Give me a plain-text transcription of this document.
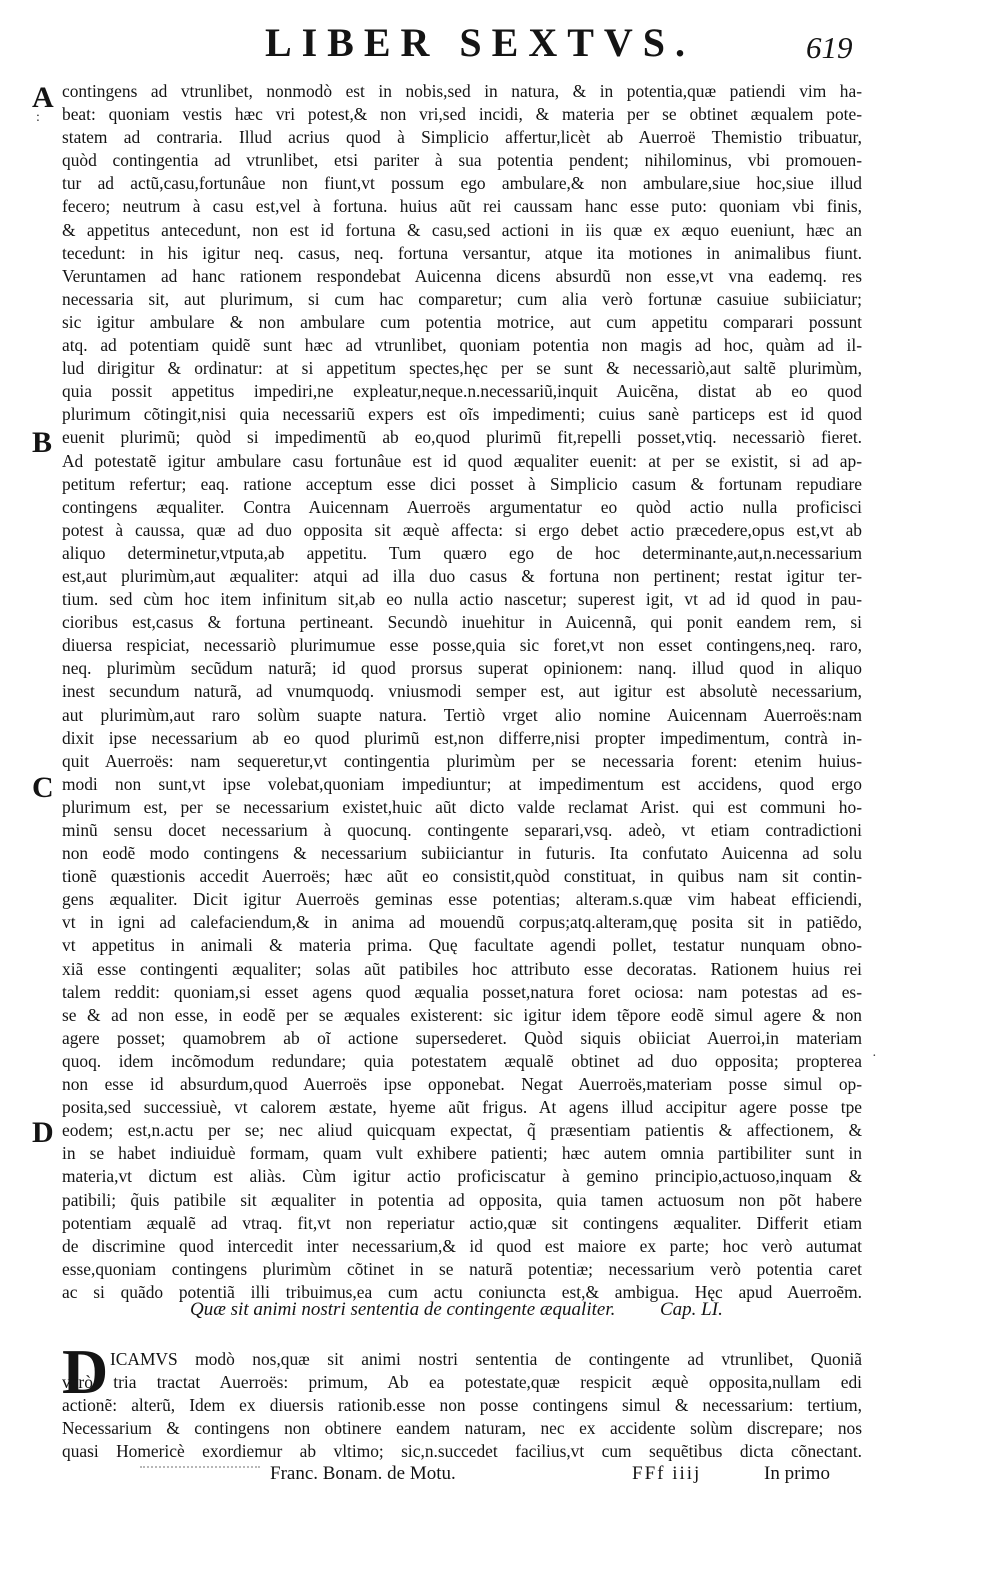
LIBER SEXTVS.	619
A
B
C
D
:
·
contingens ad vtrunlibet, nonmodò est in nobis,sed in natura, & in potentia,quæ patiendi vim ha-
beat: quoniam vestis hæc vri potest,& non vri,sed incidi, & materia per se obtinet æqualem pote-
statem ad contraria. Illud acrius quod à Simplicio affertur,licèt ab Auerroë Themistio tribuatur,
quòd contingentia ad vtrunlibet, etsi pariter à sua potentia pendent; nihilominus, vbi promouen-
tur ad actũ,casu,fortunâue non fiunt,vt possum ego ambulare,& non ambulare,siue hoc,siue illud
fecero; neutrum à casu est,vel à fortuna. huius aũt rei caussam hanc esse puto: quoniam vbi finis,
& appetitus antecedunt, non est id fortuna & casu,sed actioni in iis quæ ex æquo eueniunt, hæc an
tecedunt: in his igitur neq. casus, neq. fortuna versantur, atque ita motiones in animalibus fiunt.
Veruntamen ad hanc rationem respondebat Auicenna dicens absurdũ non esse,vt vna eademq. res
necessaria sit, aut plurimum, si cum hac comparetur; cum alia verò fortunæ casuiue subiiciatur;
sic igitur ambulare & non ambulare cum potentia motrice, aut cum appetitu comparari possunt
atq. ad potentiam quidẽ sunt hæc ad vtrunlibet, quoniam potentia non magis ad hoc, quàm ad il-
lud dirigitur & ordinatur: at si appetitum spectes,hęc per se sunt & necessariò,aut saltẽ plurimùm,
quia possit appetitus impediri,ne expleatur,neque.n.necessariũ,inquit Auicẽna, distat ab eo quod
plurimum cõtingit,nisi quia necessariũ expers est oĩs impedimenti; cuius sanè particeps est id quod
euenit plurimũ; quòd si impedimentũ ab eo,quod plurimũ fit,repelli posset,vtiq. necessariò fieret.
Ad potestatẽ igitur ambulare casu fortunâue est id quod æqualiter euenit: at per se existit, si ad ap-
petitum refertur; eaq. ratione acceptum esse dici posset à Simplicio casum & fortunam repudiare
contingens æqualiter. Contra Auicennam Auerroës argumentatur eo quòd actio nulla proficisci
potest à caussa, quæ ad duo opposita sit æquè affecta: si ergo debet actio præcedere,opus est,vt ab
aliquo determinetur,vtputa,ab appetitu. Tum quæro ego de hoc determinante,aut,n.necessarium
est,aut plurimùm,aut æqualiter: atqui ad illa duo casus & fortuna non pertinent; restat igitur ter-
tium. sed cùm hoc item infinitum sit,ab eo nulla actio nascetur; superest igit, vt ad id quod in pau-
cioribus est,casus & fortuna pertineant. Secundò inuehitur in Auicennã, qui ponit eandem rem, si
diuersa respiciat, necessariò plurimumue esse posse,quia sic foret,vt non esset contingens,neq. raro,
neq. plurimùm secũdum naturã; id quod prorsus superat opinionem: nanq. illud quod in aliquo
inest secundum naturã, ad vnumquodq. vniusmodi semper est, aut igitur est absolutè necessarium,
aut plurimùm,aut raro solùm suapte natura. Tertiò vrget alio nomine Auicennam Auerroës:nam
dixit ipse necessarium ab eo quod plurimũ est,non differre,nisi propter impedimentum, contrà in-
quit Auerroës: nam sequeretur,vt contingentia plurimùm per se necessaria forent: etenim huius-
modi non sunt,vt ipse volebat,quoniam impediuntur; at impedimentum est accidens, quod ergo
plurimum est, per se necessarium existet,huic aũt dicto valde reclamat Arist. qui est communi ho-
minũ sensu docet necessarium à quocunq. contingente separari,vsq. adeò, vt etiam contradictioni
non eodẽ modo contingens & necessarium subiiciantur in futuris. Ita confutato Auicenna ad solu
tionẽ quæstionis accedit Auerroës; hæc aũt eo consistit,quòd constituat, in quibus nam sit contin-
gens æqualiter. Dicit igitur Auerroës geminas esse potentias; alteram.s.quæ vim habeat efficiendi,
vt in igni ad calefaciendum,& in anima ad mouendũ corpus;atq.alteram,quę posita sit in patiẽdo,
vt appetitus in animali & materia prima. Quę facultate agendi pollet, testatur nunquam obno-
xiã esse contingenti æqualiter; solas aũt patibiles hoc attributo esse decoratas. Rationem huius rei
talem reddit: quoniam,si esset agens quod æqualia posset,natura foret ociosa: nam potestas ad es-
se & ad non esse, in eodẽ per se æquales existerent: sic igitur idem tẽpore eodẽ simul agere & non
agere posset; quamobrem ab oĩ actione supersederet. Quòd siquis obiiciat Auerroi,in materiam
quoq. idem incõmodum redundare; quia potestatem æqualẽ obtinet ad duo opposita; propterea
non esse id absurdum,quod Auerroës ipse opponebat. Negat Auerroës,materiam posse simul op-
posita,sed successiuè, vt calorem æstate, hyeme aũt frigus. At agens illud accipitur agere posse tpe
eodem; est,n.actu per se; nec aliud quicquam expectat, q̃ præsentiam patientis & affectionem, &
in se habet indiuiduè formam, quam vult exhibere patienti; hæc autem omnia partibiliter sunt in
materia,vt dictum est aliàs. Cùm igitur actio proficiscatur à gemino principio,actuoso,inquam &
patibili; q̃uis patibile sit æqualiter in potentia ad opposita, quia tamen actuosum non põt habere
potentiam æqualẽ ad vtraq. fit,vt non reperiatur actio,quæ sit contingens æqualiter. Differit etiam
de discrimine quod intercedit inter necessarium,& id quod est maiore ex parte; hoc verò autumat
esse,quoniam contingens plurimùm cõtinet in se naturã potentiæ; necessarium verò potentia caret
ac si quãdo potentiã illi tribuimus,ea cum actu coniuncta est,& ambigua. Hęc apud Auerroẽm.
Quæ sit animi nostri sententia de contingente æqualiter. Cap. LI.
D ICAMVS modò nos,quæ sit animi nostri sententia de contingente ad vtrunlibet, Quoniã
verò tria tractat Auerroës: primum, Ab ea potestate,quæ respicit æquè opposita,nullam edi
actionẽ: alterũ, Idem ex diuersis rationib.esse non posse contingens simul & necessarium: tertium,
Necessarium & contingens non obtinere eandem naturam, nec ex accidente solùm discrepare; nos
quasi Homericè exordiemur ab vltimo; sic,n.succedet facilius,vt cum sequẽtibus dicta cõnectant.
Franc. Bonam. de Motu.	FFf iiij	In primo
